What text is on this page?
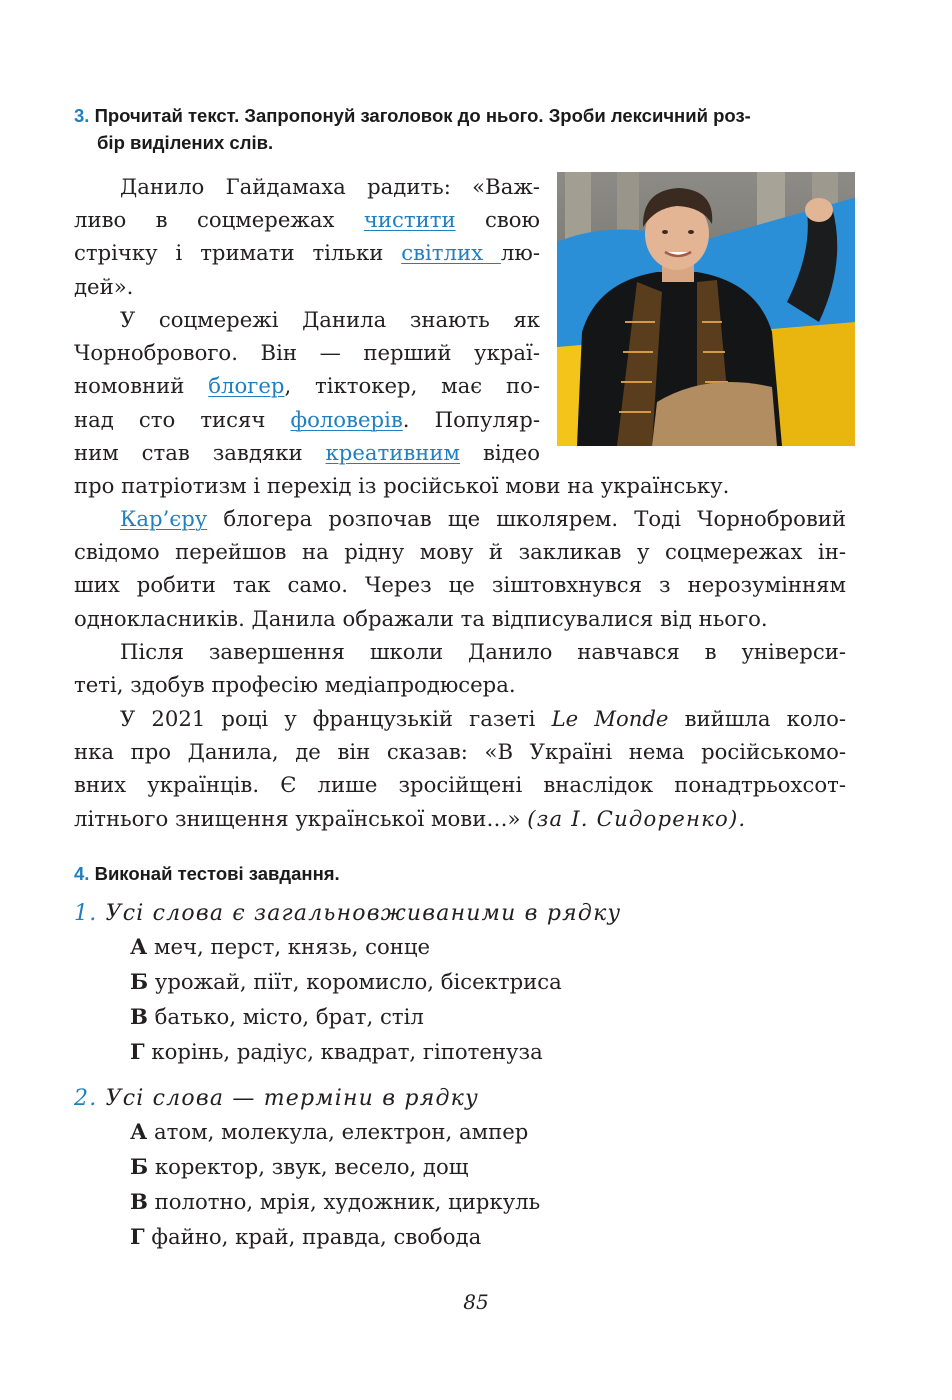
3. Прочитай текст. Запропонуй заголовок до нього. Зроби лексичний роз-
бір виділених слів.
Данило Гайдамаха радить: «Важ-
ливо в соцмережах чистити свою
стрічку і тримати тільки світлих лю-
дей».
У соцмережі Данила знають як
Чорнобрового. Він — перший украї-
номовний блогер, тіктокер, має по-
над сто тисяч фоловерів. Популяр-
ним став завдяки креативним відео
про патріотизм і перехід із російської мови на українську.
Кар’єру блогера розпочав ще школярем. Тоді Чорнобровий
свідомо перейшов на рідну мову й закликав у соцмережах ін-
ших робити так само. Через це зіштовхнувся з нерозумінням
однокласників. Данила ображали та відписувалися від нього.
Після завершення школи Данило навчався в універси-
теті, здобув професію медіапродюсера.
У 2021 році у французькій газеті Le Monde вийшла коло-
нка про Данила, де він сказав: «В Україні нема російськомо-
вних українців. Є лише зросійщені внаслідок понадтрьохсот-
літнього знищення української мови…» (за І. Сидоренко).
4. Виконай тестові завдання.
1. Усі слова є загальновживаними в рядку
А меч, перст, князь, сонце
Б урожай, піїт, коромисло, бісектриса
В батько, місто, брат, стіл
Г корінь, радіус, квадрат, гіпотенуза
2. Усі слова — терміни в рядку
А атом, молекула, електрон, ампер
Б коректор, звук, весело, дощ
В полотно, мрія, художник, циркуль
Г файно, край, правда, свобода
85
